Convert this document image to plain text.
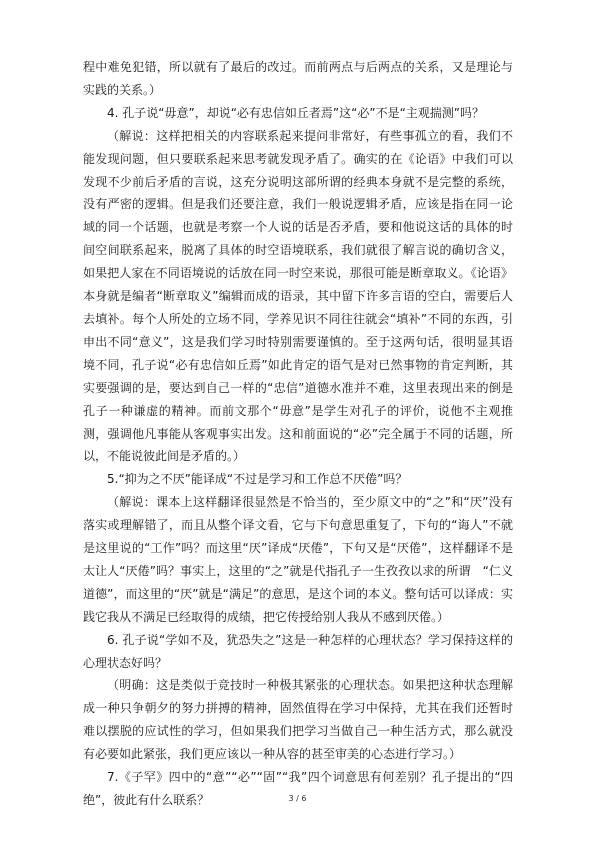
程中难免犯错，所以就有了最后的改过。而前两点与后两点的关系，又是理论与实践的关系。）

4. 孔子说“毋意”，却说“必有忠信如丘者焉”这“必”不是“主观揣测”吗？

（解说：这样把相关的内容联系起来提问非常好，有些事孤立的看，我们不能发现问题，但只要联系起来思考就发现矛盾了。确实的在《论语》中我们可以发现不少前后矛盾的言说，这充分说明这部所谓的经典本身就不是完整的系统，没有严密的逻辑。但是我们还要注意，我们一般说逻辑矛盾，应该是指在同一论域的同一个话题，也就是考察一个人说的话是否矛盾，要和他说这话的具体的时间空间联系起来，脱离了具体的时空语境联系，我们就很了解言说的确切含义，如果把人家在不同语境说的话放在同一时空来说，那很可能是断章取义。《论语》本身就是编者“断章取义”编辑而成的语录，其中留下许多言语的空白，需要后人去填补。每个人所处的立场不同，学养见识不同往往就会“填补”不同的东西，引申出不同“意义”，这是我们学习时特别需要谨慎的。至于这两句话，很明显其语境不同，孔子说“必有忠信如丘焉”如此肯定的语气是对已然事物的肯定判断，其实要强调的是，要达到自己一样的“忠信”道德水准并不难，这里表现出来的倒是孔子一种谦虚的精神。而前文那个“毋意”是学生对孔子的评价，说他不主观推测，强调他凡事能从客观事实出发。这和前面说的“必”完全属于不同的话题，所以，不能说彼此间是矛盾的。）

5.“抑为之不厌”能译成“不过是学习和工作总不厌倦”吗？

（解说：课本上这样翻译很显然是不恰当的，至少原文中的“之”和“厌”没有落实或理解错了，而且从整个译文看，它与下句意思重复了，下句的“诲人”不就是这里说的“工作”吗？而这里“厌”译成“厌倦”，下句又是“厌倦”，这样翻译不是太让人“厌倦”吗？事实上，这里的“之”就是代指孔子一生孜孜以求的所谓　“仁义道德”，而这里的“厌”就是“满足”的意思，是这个词的本义。整句话可以译成：实践它我从不满足已经取得的成绩，把它传授给别人我从不感到厌倦。）

6. 孔子说“学如不及，犹恐失之”这是一种怎样的心理状态？学习保持这样的心理状态好吗？

（明确：这是类似于竞技时一种极其紧张的心理状态。如果把这种状态理解成一种只争朝夕的努力拼搏的精神，固然值得在学习中保持，尤其在我们还暂时难以摆脱的应试性的学习，但如果我们把学习当做自己一种生活方式，那么就没有必要如此紧张，我们更应该以一种从容的甚至审美的心态进行学习。）

7.《子罕》四中的“意”“必”“固”“我”四个词意思有何差别？孔子提出的“四绝”，彼此有什么联系？	3 / 6
